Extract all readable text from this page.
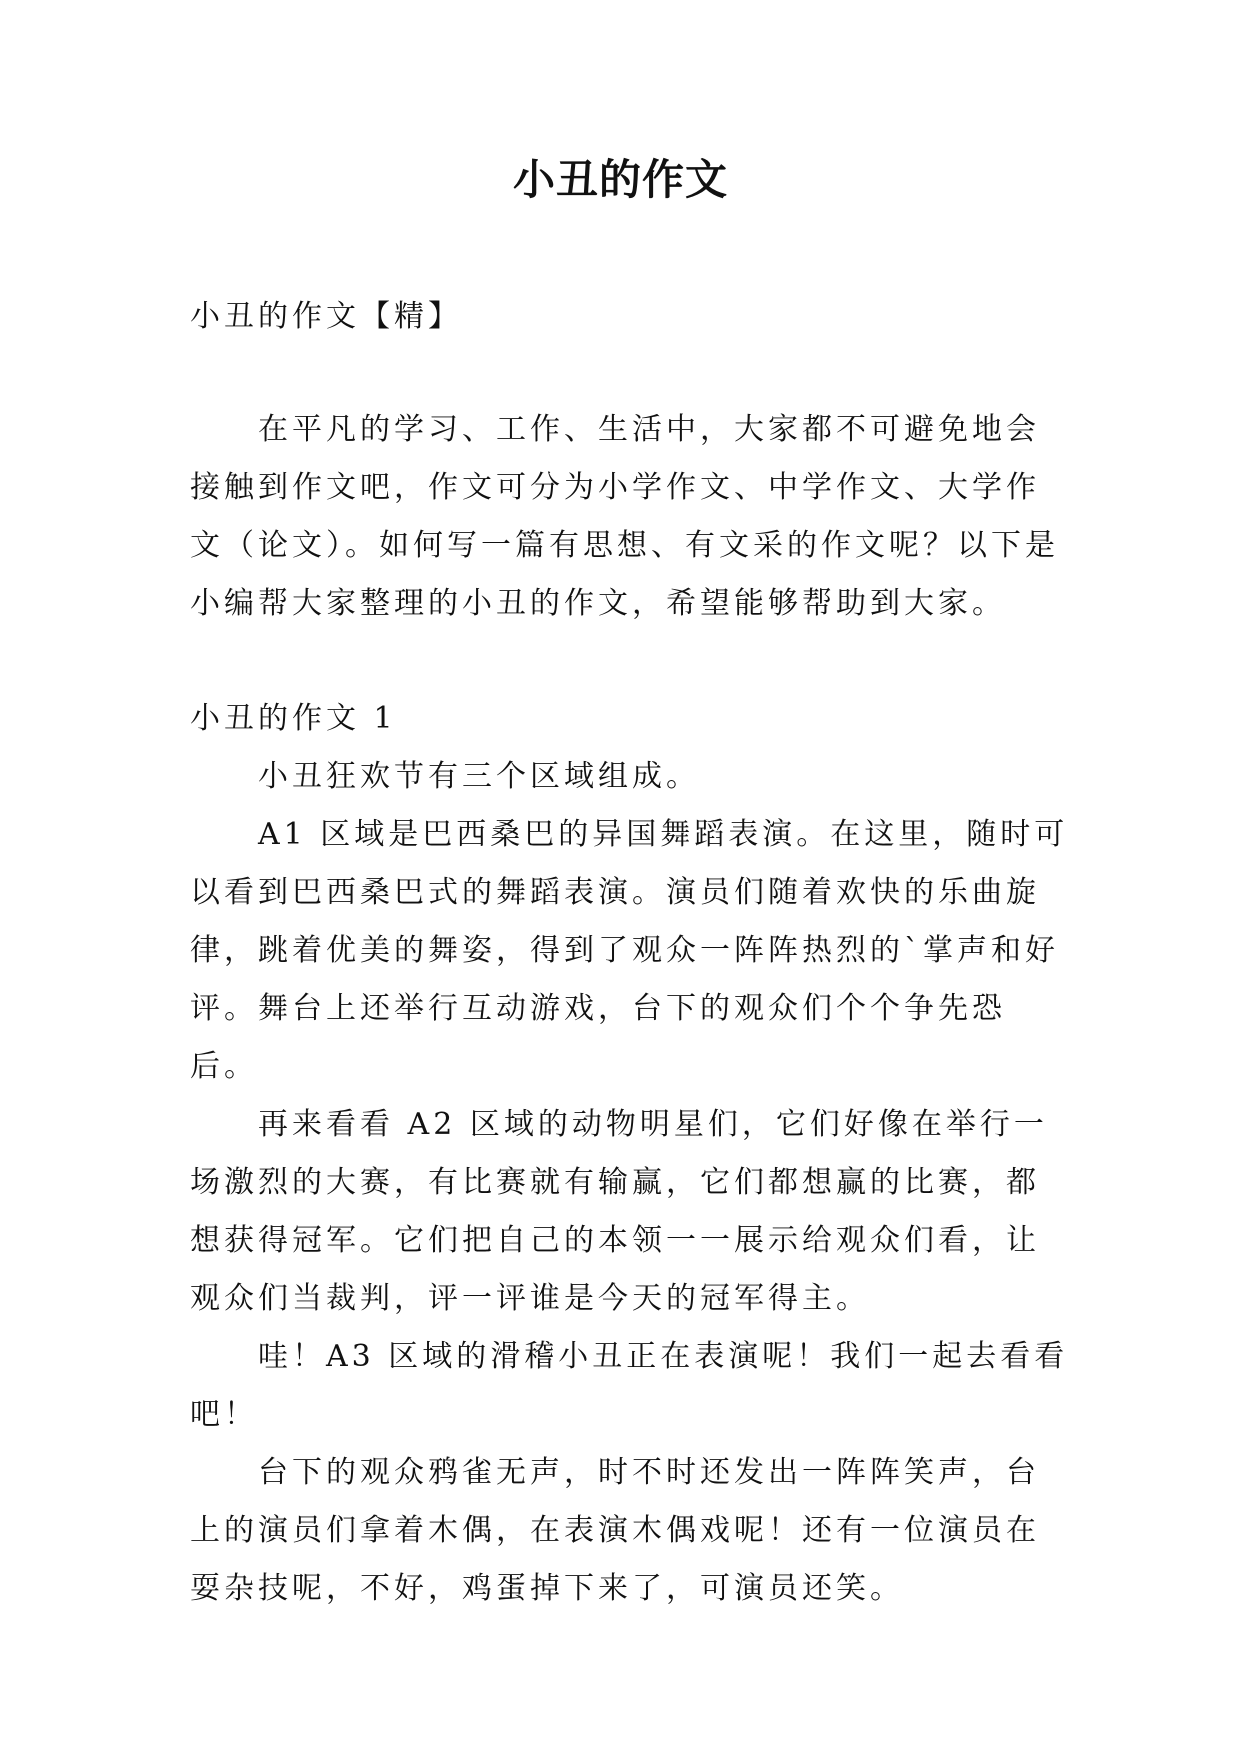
小丑的作文
小丑的作文【精】

在平凡的学习、工作、生活中，大家都不可避免地会接触到作文吧，作文可分为小学作文、中学作文、大学作文（论文）。如何写一篇有思想、有文采的作文呢？以下是小编帮大家整理的小丑的作文，希望能够帮助到大家。

小丑的作文 1

小丑狂欢节有三个区域组成。

A1 区域是巴西桑巴的异国舞蹈表演。在这里，随时可以看到巴西桑巴式的舞蹈表演。演员们随着欢快的乐曲旋律，跳着优美的舞姿，得到了观众一阵阵热烈的`掌声和好评。舞台上还举行互动游戏，台下的观众们个个争先恐后。

再来看看 A2 区域的动物明星们，它们好像在举行一场激烈的大赛，有比赛就有输赢，它们都想赢的比赛，都想获得冠军。它们把自己的本领一一展示给观众们看，让观众们当裁判，评一评谁是今天的冠军得主。

哇！A3 区域的滑稽小丑正在表演呢！我们一起去看看吧！

台下的观众鸦雀无声，时不时还发出一阵阵笑声，台上的演员们拿着木偶，在表演木偶戏呢！还有一位演员在耍杂技呢，不好，鸡蛋掉下来了，可演员还笑。
